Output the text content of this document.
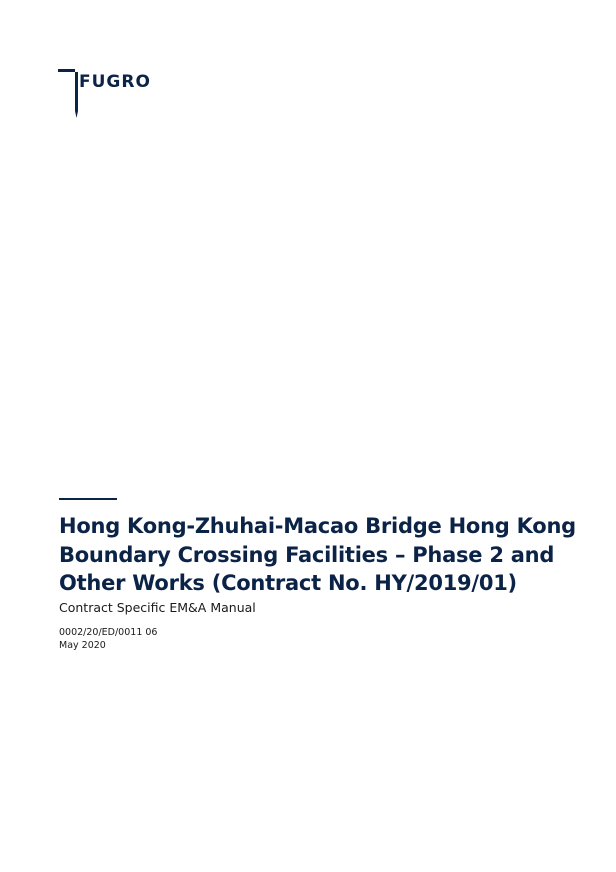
FUGRO
Hong Kong-Zhuhai-Macao Bridge Hong Kong Boundary Crossing Facilities – Phase 2 and Other Works (Contract No. HY/2019/01)

Contract Specific EM&A Manual

0002/20/ED/0011 06
May 2020
